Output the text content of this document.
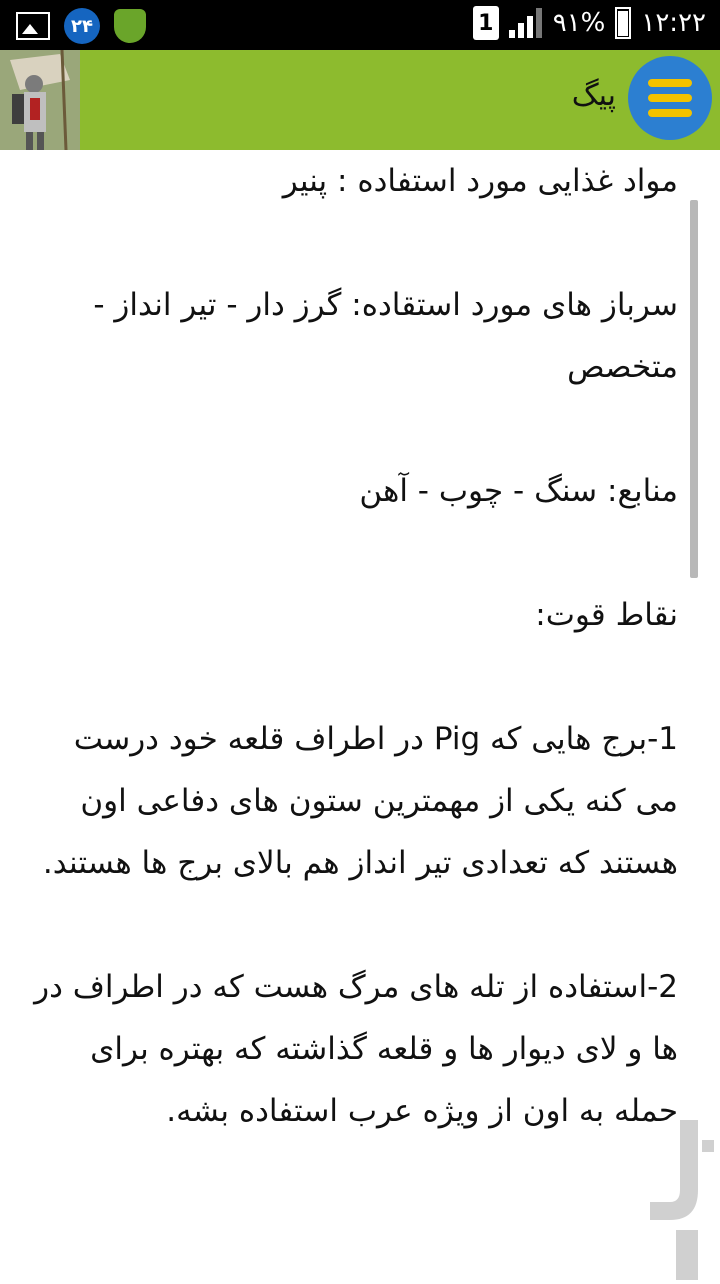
۲۴	1 ۹۱% ۱۲:۲۲
پیگ

مواد غذایی مورد استفاده : پنیر

سرباز های مورد استقاده: گرز دار - تیر انداز - متخصص

منابع: سنگ - چوب - آهن

نقاط قوت:

1-برج هایی که Pig در اطراف قلعه خود درست می کنه یکی از مهمترین ستون های دفاعی اون هستند که تعدادی تیر انداز هم بالای برج ها هستند.

2-استفاده از تله های مرگ هست که در اطراف در ها و لای دیوار ها و قلعه گذاشته که بهتره برای حمله به اون از ویژه عرب استفاده بشه.
